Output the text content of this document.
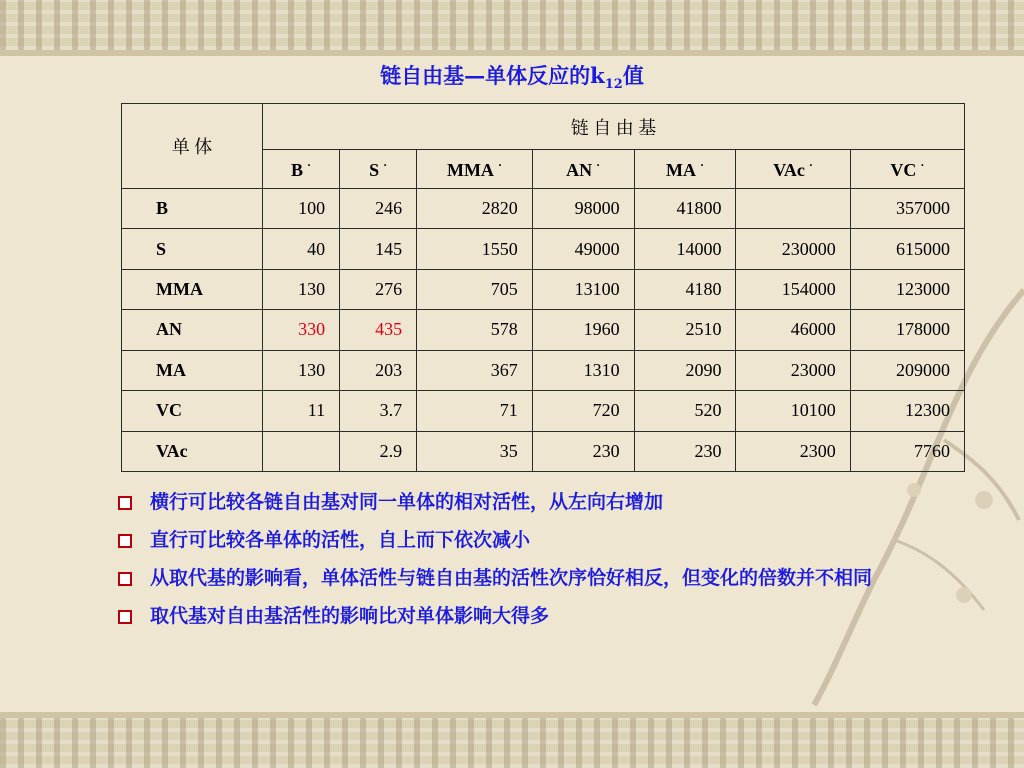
链自由基—单体反应的$k_{12}$值
单 体	链 自 由 基						
	B ·	S ·	MMA ·	AN ·	MA ·	VAc ·	VC ·
B	100	246	2820	98000	41800		357000
S	40	145	1550	49000	14000	230000	615000
MMA	130	276	705	13100	4180	154000	123000
AN	330	435	578	1960	2510	46000	178000
MA	130	203	367	1310	2090	23000	209000
VC	11	3.7	71	720	520	10100	12300
VAc		2.9	35	230	230	2300	7760
横行可比较各链自由基对同一单体的相对活性，从左向右增加
直行可比较各单体的活性，自上而下依次减小
从取代基的影响看，单体活性与链自由基的活性次序恰好相反，但变化的倍数并不相同
取代基对自由基活性的影响比对单体影响大得多
